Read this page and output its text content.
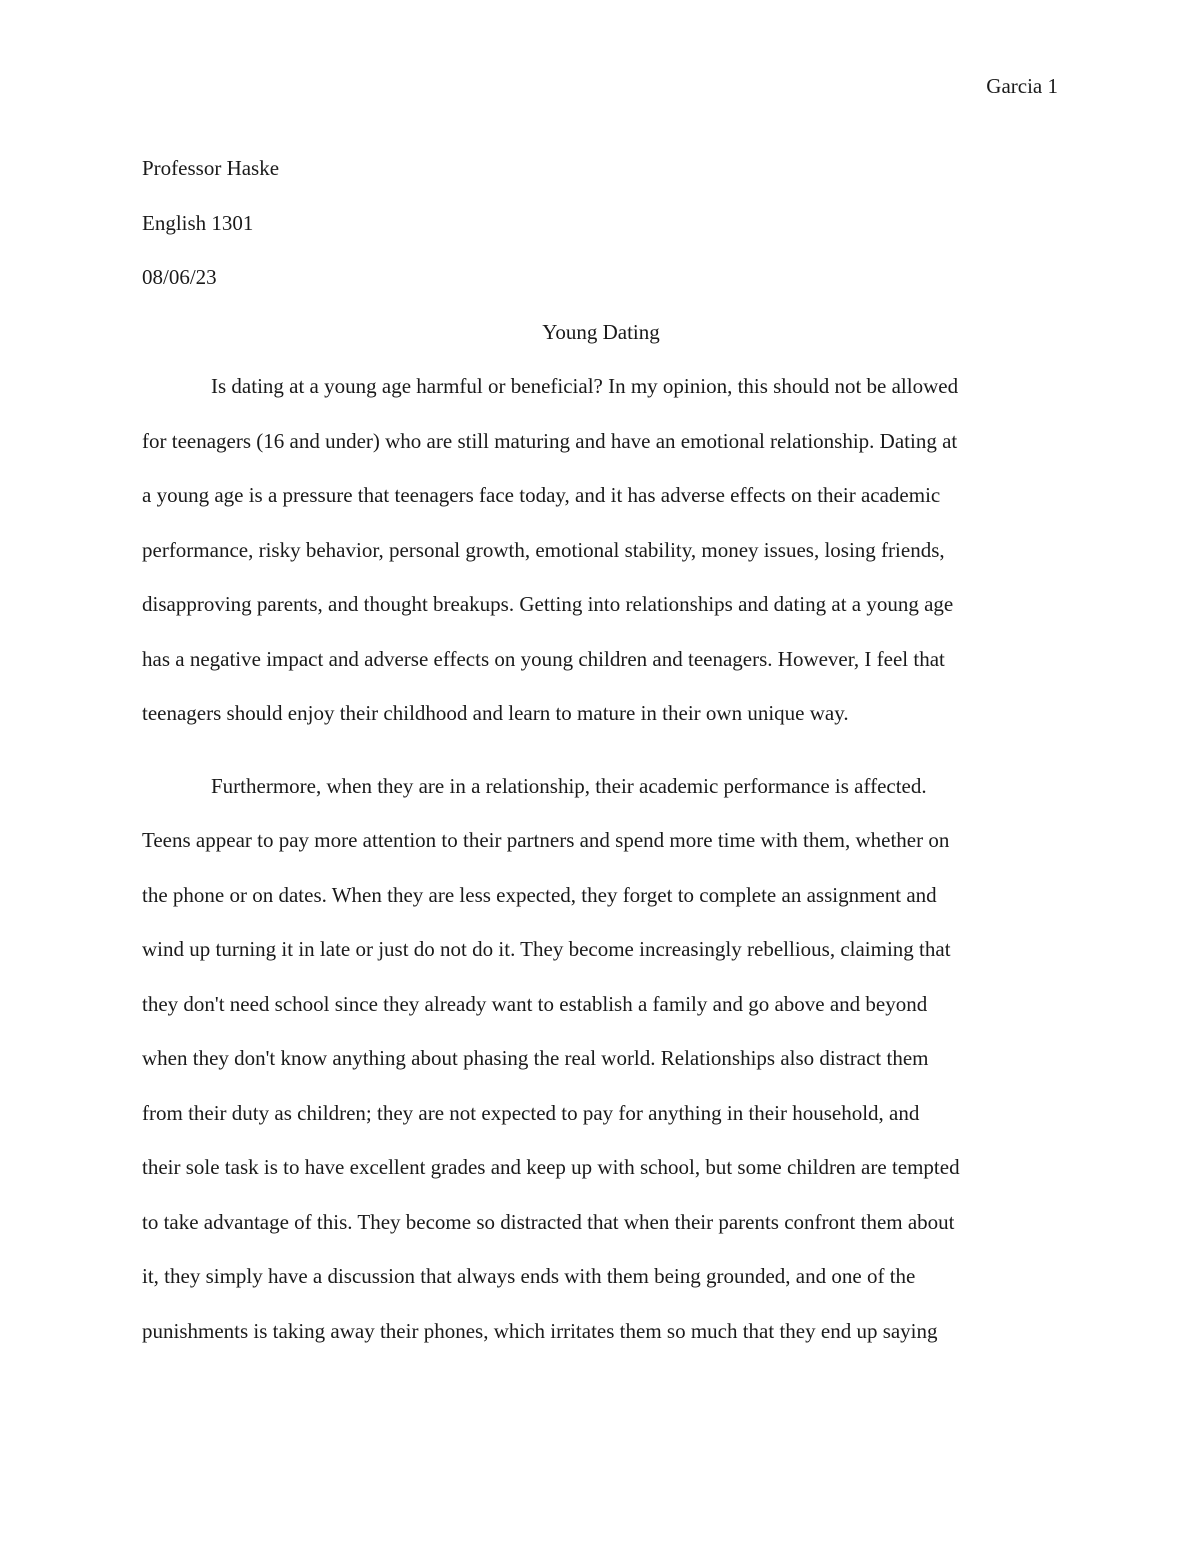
Garcia 1

Professor Haske

English 1301

08/06/23

Young Dating

Is dating at a young age harmful or beneficial? In my opinion, this should not be allowed
for teenagers (16 and under) who are still maturing and have an emotional relationship. Dating at
a young age is a pressure that teenagers face today, and it has adverse effects on their academic
performance, risky behavior, personal growth, emotional stability, money issues, losing friends,
disapproving parents, and thought breakups. Getting into relationships and dating at a young age
has a negative impact and adverse effects on young children and teenagers. However, I feel that
teenagers should enjoy their childhood and learn to mature in their own unique way.
Furthermore, when they are in a relationship, their academic performance is affected.
Teens appear to pay more attention to their partners and spend more time with them, whether on
the phone or on dates. When they are less expected, they forget to complete an assignment and
wind up turning it in late or just do not do it. They become increasingly rebellious, claiming that
they don't need school since they already want to establish a family and go above and beyond
when they don't know anything about phasing the real world. Relationships also distract them
from their duty as children; they are not expected to pay for anything in their household, and
their sole task is to have excellent grades and keep up with school, but some children are tempted
to take advantage of this. They become so distracted that when their parents confront them about
it, they simply have a discussion that always ends with them being grounded, and one of the
punishments is taking away their phones, which irritates them so much that they end up saying
